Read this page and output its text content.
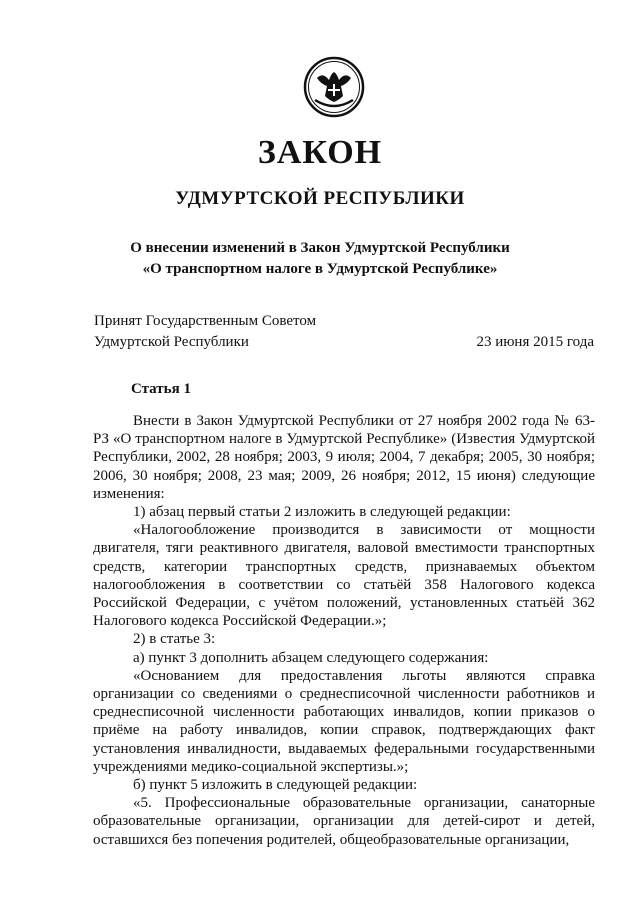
ЗАКОН
УДМУРТСКОЙ РЕСПУБЛИКИ
О внесении изменений в Закон Удмуртской Республики
«О транспортном налоге в Удмуртской Республике»
Принят Государственным Советом
Удмуртской Республики	23 июня 2015 года
Статья 1

Внести в Закон Удмуртской Республики от 27 ноября 2002 года № 63-РЗ «О транспортном налоге в Удмуртской Республике» (Известия Удмуртской Республики, 2002, 28 ноября; 2003, 9 июля; 2004, 7 декабря; 2005, 30 ноября; 2006, 30 ноября; 2008, 23 мая; 2009, 26 ноября; 2012, 15 июня) следующие изменения:

1) абзац первый статьи 2 изложить в следующей редакции:

«Налогообложение производится в зависимости от мощности двигателя, тяги реактивного двигателя, валовой вместимости транспортных средств, категории транспортных средств, признаваемых объектом налогообложения в соответствии со статьёй 358 Налогового кодекса Российской Федерации, с учётом положений, установленных статьёй 362 Налогового кодекса Российской Федерации.»;

2) в статье 3:

а) пункт 3 дополнить абзацем следующего содержания:

«Основанием для предоставления льготы являются справка организации со сведениями о среднесписочной численности работников и среднесписочной численности работающих инвалидов, копии приказов о приёме на работу инвалидов, копии справок, подтверждающих факт установления инвалидности, выдаваемых федеральными государственными учреждениями медико-социальной экспертизы.»;

б) пункт 5 изложить в следующей редакции:

«5. Профессиональные образовательные организации, санаторные образовательные организации, организации для детей-сирот и детей, оставшихся без попечения родителей, общеобразовательные организации,
